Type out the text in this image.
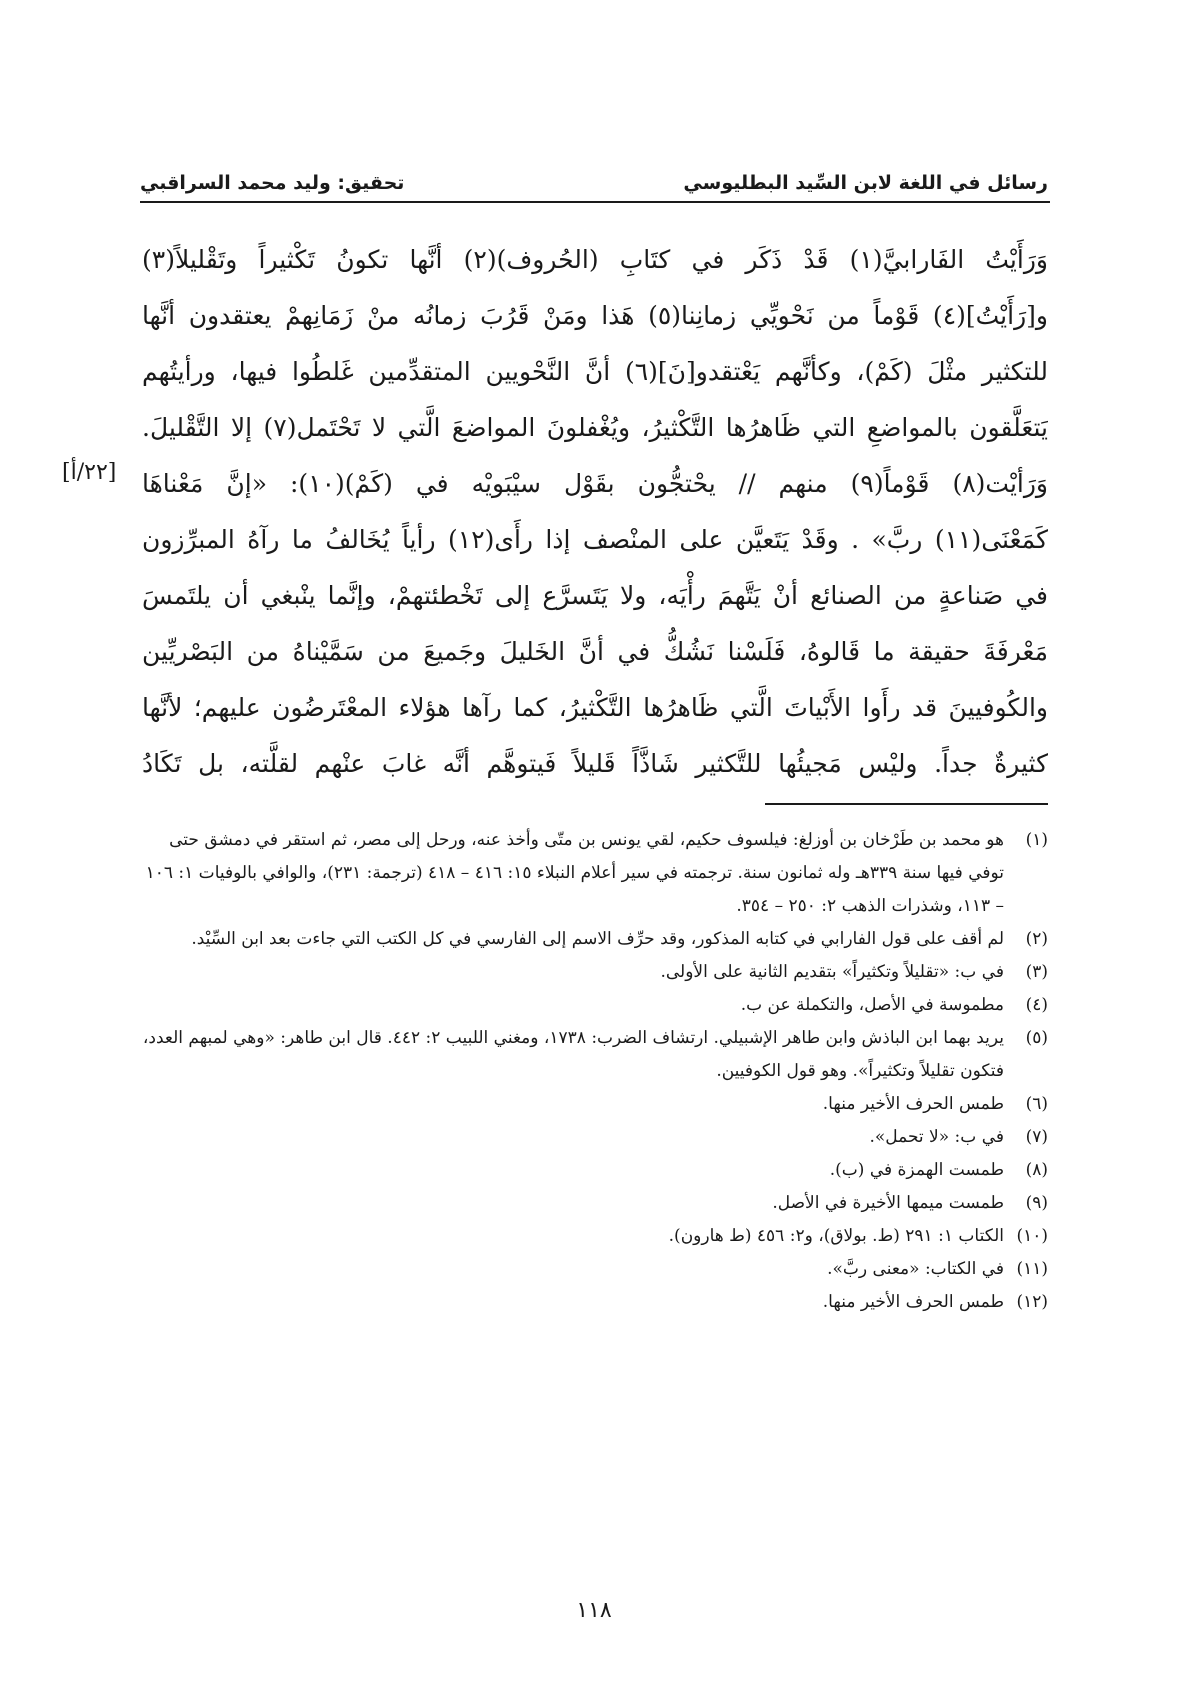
رسائل في اللغة لابن السِّيد البطليوسي
تحقيق: وليد محمد السراقبي
[٢٢/أ]
وَرَأَيْتُ الفَارابيَّ(١) قَدْ ذَكَر في كتَابِ (الحُروف)(٢) أنَّها تكونُ تَكْثيراً وتَقْليلاً(٣)
و[رَأَيْتُ](٤) قَوْماً من نَحْويِّي زمانِنا(٥) هَذا ومَنْ قَرُبَ زمانُه منْ زَمَانِهمْ يعتقدون أنَّها
للتكثير مثْلَ (كَمْ)، وكأنَّهم يَعْتقدو[نَ](٦) أنَّ النَّحْويين المتقدِّمين غَلطُوا فيها، ورأيتُهم
يَتعَلَّقون بالمواضعِ التي ظَاهرُها التَّكْثيرُ، ويُغْفلونَ المواضعَ الَّتي لا تَحْتَمل(٧) إلا التَّقْليلَ.
وَرَأيْت(٨) قَوْماً(٩) منهم // يحْتجُّون بقَوْل سيْبَويْه في (كَمْ)(١٠): «إنَّ مَعْناهَا
كَمَعْنَى(١١) ربَّ» . وقَدْ يَتَعيَّن على المنْصف إذا رأَى(١٢) رأياً يُخَالفُ ما رآهُ المبرِّزون
في صَناعةٍ من الصنائع أنْ يَتَّهمَ رأْيَه، ولا يَتَسرَّع إلى تَخْطئتهمْ، وإنَّما ينْبغي أن يلتَمسَ
مَعْرفَةَ حقيقة ما قَالوهُ، فَلَسْنا نَشُكُّ في أنَّ الخَليلَ وجَميعَ من سَمَّيْناهُ من البَصْريِّين
والكُوفيينَ قد رأَوا الأَبْياتَ الَّتي ظَاهرُها التَّكْثيرُ، كما رآها هؤلاء المعْتَرضُون عليهم؛ لأنَّها
كثيرةٌ جداً. وليْس مَجيئُها للتَّكثير شَاذَّاً قَليلاً فَيتوهَّم أنَّه غابَ عنْهم لقلَّته، بل تَكَادُ
(١)هو محمد بن طَرْخان بن أوزلغ: فيلسوف حكيم، لقي يونس بن متّى وأخذ عنه، ورحل إلى مصر، ثم استقر في دمشق حتى توفي فيها سنة ٣٣٩هـ وله ثمانون سنة. ترجمته في سير أعلام النبلاء ١٥: ٤١٦ – ٤١٨ (ترجمة: ٢٣١)، والوافي بالوفيات ١: ١٠٦ – ١١٣، وشذرات الذهب ٢: ٢٥٠ – ٣٥٤.
(٢)لم أقف على قول الفارابي في كتابه المذكور، وقد حرِّف الاسم إلى الفارسي في كل الكتب التي جاءت بعد ابن السِّيْد.
(٣)في ب: «تقليلاً وتكثيراً» بتقديم الثانية على الأولى.
(٤)مطموسة في الأصل، والتكملة عن ب.
(٥)يريد بهما ابن الباذش وابن طاهر الإشبيلي. ارتشاف الضرب: ١٧٣٨، ومغني اللبيب ٢: ٤٤٢. قال ابن طاهر: «وهي لمبهم العدد، فتكون تقليلاً وتكثيراً». وهو قول الكوفيين.
(٦)طمس الحرف الأخير منها.
(٧)في ب: «لا تحمل».
(٨)طمست الهمزة في (ب).
(٩)طمست ميمها الأخيرة في الأصل.
(١٠)الكتاب ١: ٢٩١ (ط. بولاق)، و٢: ٤٥٦ (ط هارون).
(١١)في الكتاب: «معنى ربَّ».
(١٢)طمس الحرف الأخير منها.
١١٨
